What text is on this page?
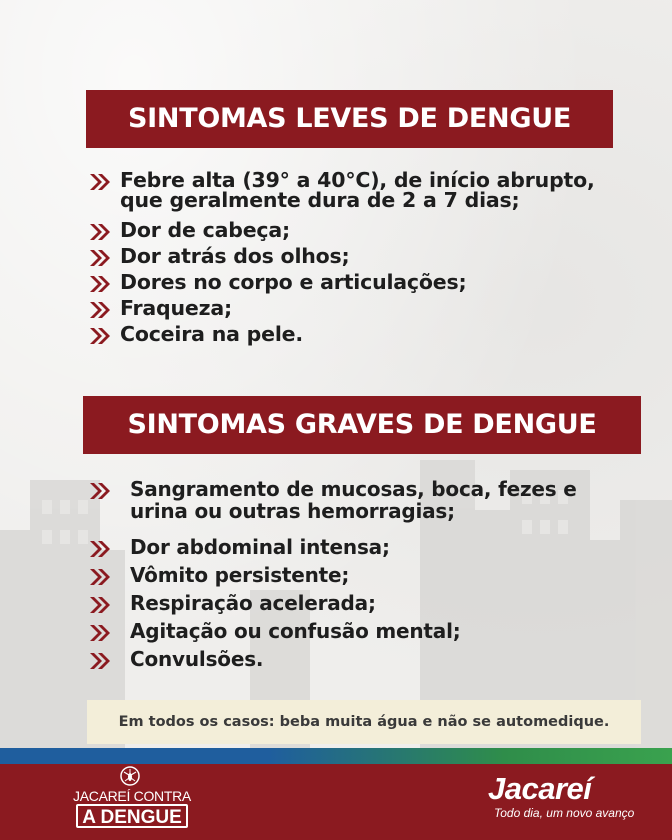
SINTOMAS LEVES DE DENGUE
Febre alta (39° a 40°C), de início abrupto,
que geralmente dura de 2 a 7 dias;
Dor de cabeça;
Dor atrás dos olhos;
Dores no corpo e articulações;
Fraqueza;
Coceira na pele.
SINTOMAS GRAVES DE DENGUE
Sangramento de mucosas, boca, fezes e
urina ou outras hemorragias;
Dor abdominal intensa;
Vômito persistente;
Respiração acelerada;
Agitação ou confusão mental;
Convulsões.
Em todos os casos: beba muita água e não se automedique.
JACAREÍ CONTRA
A DENGUE
Jacareí
Todo dia, um novo avanço
